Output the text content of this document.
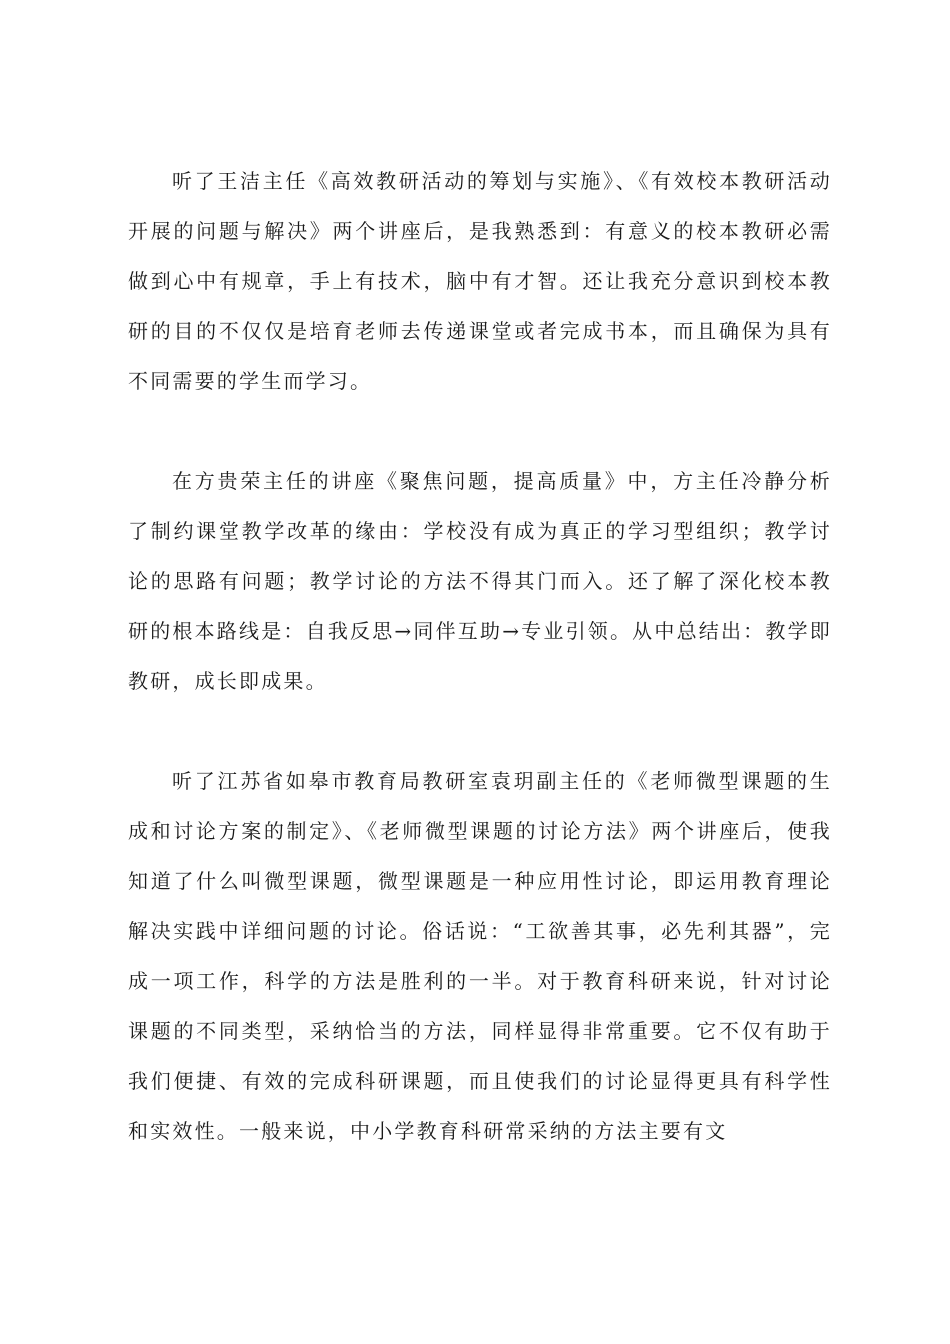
听了王洁主任《高效教研活动的筹划与实施》、《有效校本教研活动开展的问题与解决》两个讲座后，是我熟悉到：有意义的校本教研必需做到心中有规章，手上有技术，脑中有才智。还让我充分意识到校本教研的目的不仅仅是培育老师去传递课堂或者完成书本，而且确保为具有不同需要的学生而学习。

在方贵荣主任的讲座《聚焦问题，提高质量》中，方主任冷静分析了制约课堂教学改革的缘由：学校没有成为真正的学习型组织；教学讨论的思路有问题；教学讨论的方法不得其门而入。还了解了深化校本教研的根本路线是：自我反思→同伴互助→专业引领。从中总结出：教学即教研，成长即成果。

听了江苏省如皋市教育局教研室袁玥副主任的《老师微型课题的生成和讨论方案的制定》、《老师微型课题的讨论方法》两个讲座后，使我知道了什么叫微型课题，微型课题是一种应用性讨论，即运用教育理论解决实践中详细问题的讨论。俗话说：“工欲善其事，必先利其器”，完成一项工作，科学的方法是胜利的一半。对于教育科研来说，针对讨论课题的不同类型，采纳恰当的方法，同样显得非常重要。它不仅有助于我们便捷、有效的完成科研课题，而且使我们的讨论显得更具有科学性和实效性。一般来说，中小学教育科研常采纳的方法主要有文
